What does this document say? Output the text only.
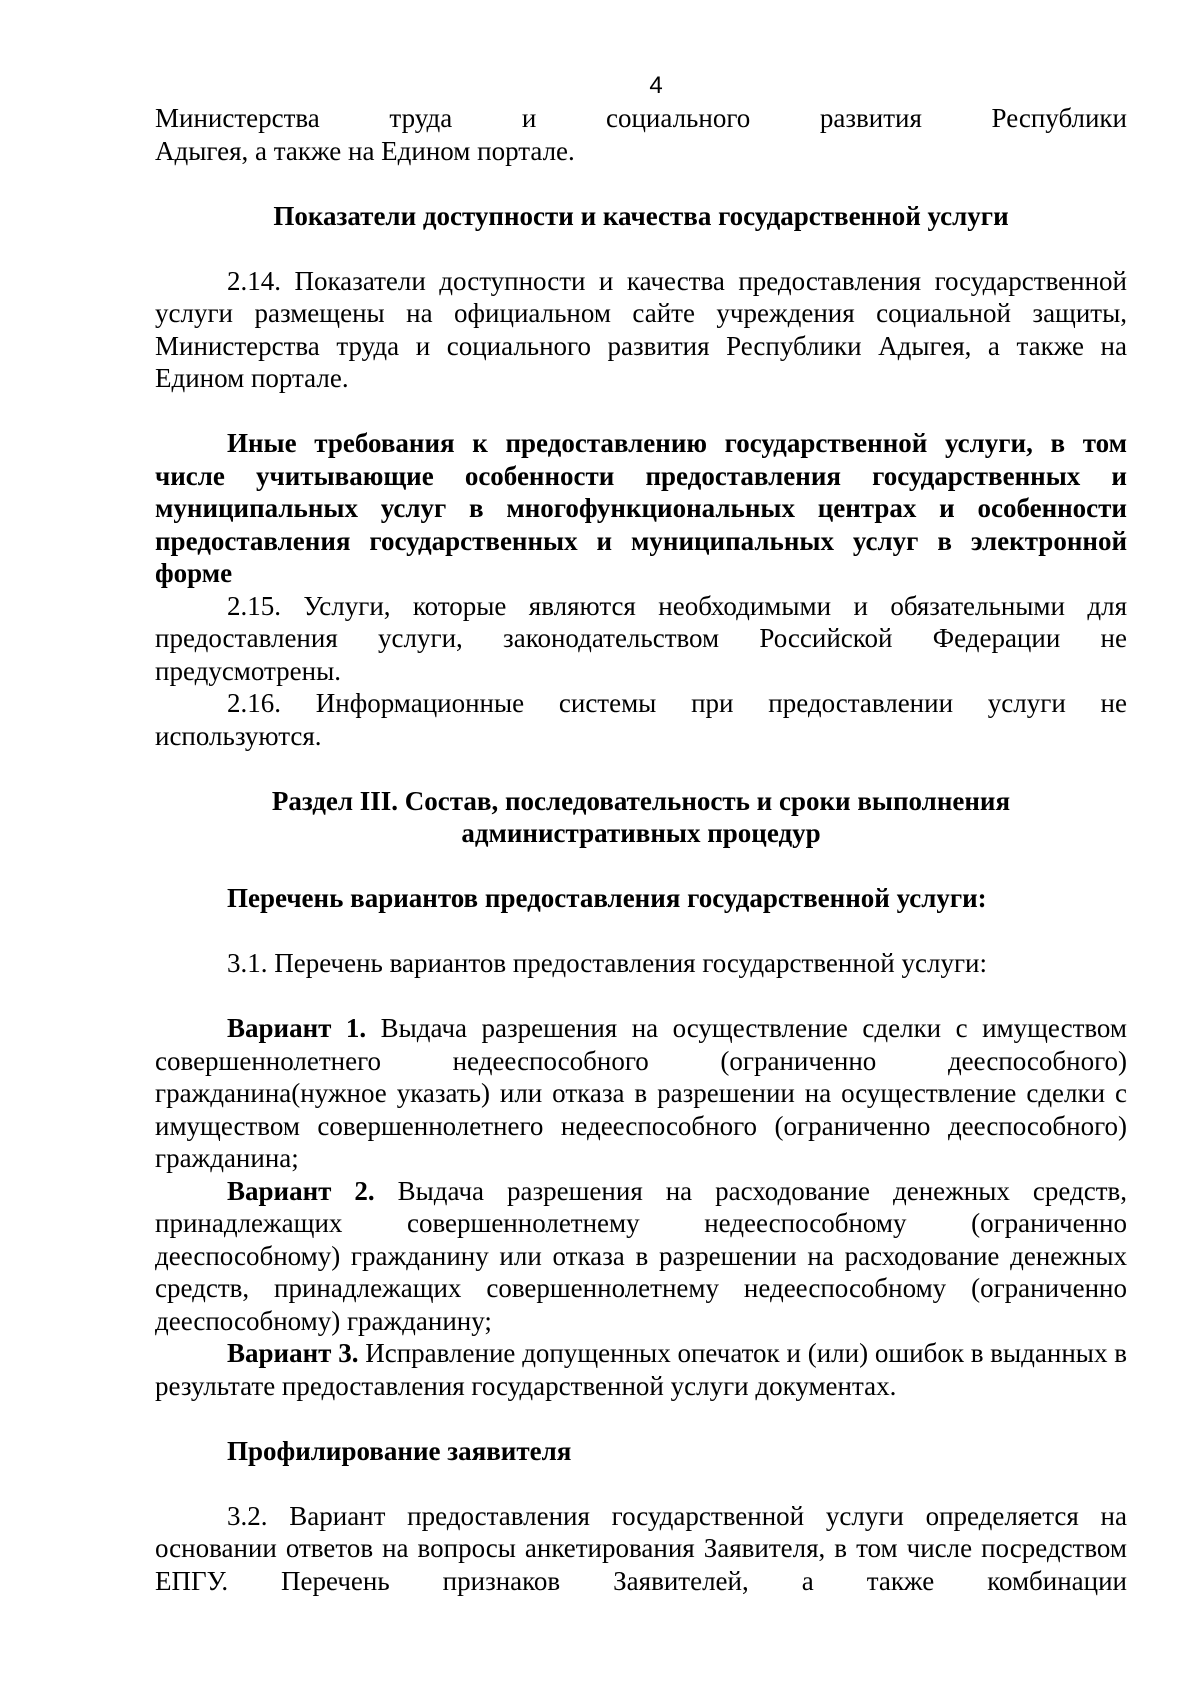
4

Министерства труда и социального развития Республики

Адыгея, а также на Едином портале.

Показатели доступности и качества государственной услуги

2.14. Показатели доступности и качества предоставления государственной услуги размещены на официальном сайте учреждения социальной защиты, Министерства труда и социального развития Республики Адыгея, а также на Едином портале.

Иные требования к предоставлению государственной услуги, в том числе учитывающие особенности предоставления государственных и муниципальных услуг в многофункциональных центрах и особенности предоставления государственных и муниципальных услуг в электронной форме

2.15. Услуги, которые являются необходимыми и обязательными для предоставления услуги, законодательством Российской Федерации не предусмотрены.

2.16. Информационные системы при предоставлении услуги не используются.

Раздел III. Состав, последовательность и сроки выполнения

административных процедур

Перечень вариантов предоставления государственной услуги:

3.1. Перечень вариантов предоставления государственной услуги:

Вариант 1. Выдача разрешения на осуществление сделки с имуществом совершеннолетнего недееспособного (ограниченно дееспособного) гражданина(нужное указать) или отказа в разрешении на осуществление сделки с имуществом совершеннолетнего недееспособного (ограниченно дееспособного) гражданина;

Вариант 2. Выдача разрешения на расходование денежных средств, принадлежащих совершеннолетнему недееспособному (ограниченно дееспособному) гражданину или отказа в разрешении на расходование денежных средств, принадлежащих совершеннолетнему недееспособному (ограниченно дееспособному) гражданину;

Вариант 3. Исправление допущенных опечаток и (или) ошибок в выданных в результате предоставления государственной услуги документах.

Профилирование заявителя

3.2. Вариант предоставления государственной услуги определяется на основании ответов на вопросы анкетирования Заявителя, в том числе посредством ЕПГУ. Перечень признаков Заявителей, а также комбинации
